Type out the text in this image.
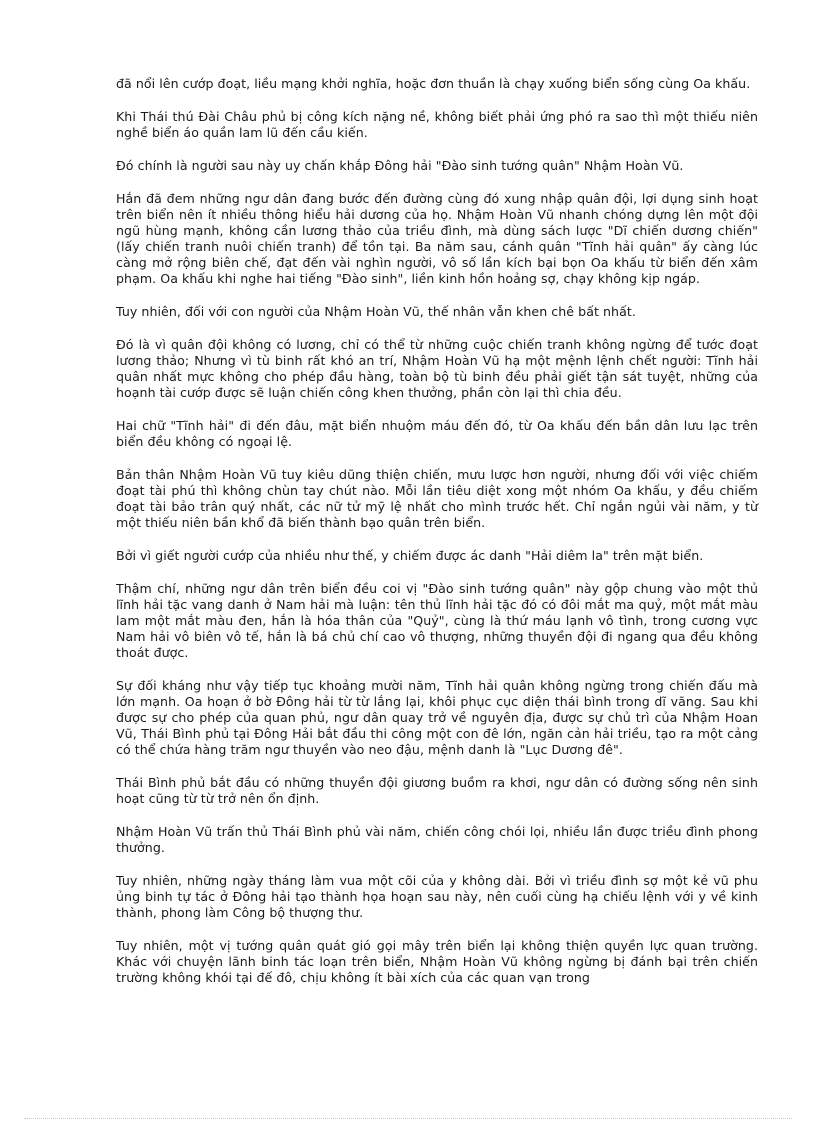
đã nổi lên cướp đoạt, liều mạng khởi nghĩa, hoặc đơn thuần là chạy xuống biển sống cùng Oa khấu.

Khi Thái thú Đài Châu phủ bị công kích nặng nề, không biết phải ứng phó ra sao thì một thiếu niên nghề biển áo quần lam lũ đến cầu kiến.

Đó chính là người sau này uy chấn khắp Đông hải "Đào sinh tướng quân" Nhậm Hoàn Vũ.

Hắn đã đem những ngư dân đang bước đến đường cùng đó xung nhập quân đội, lợi dụng sinh hoạt trên biển nên ít nhiều thông hiểu hải dương của họ. Nhậm Hoàn Vũ nhanh chóng dựng lên một đội ngũ hùng mạnh, không cần lương thảo của triều đình, mà dùng sách lược "Dĩ chiến dương chiến" (lấy chiến tranh nuôi chiến tranh) để tồn tại. Ba năm sau, cánh quân "Tĩnh hải quân" ấy càng lúc càng mở rộng biên chế, đạt đến vài nghìn người, vô số lần kích bại bọn Oa khấu từ biển đến xâm phạm. Oa khấu khi nghe hai tiếng "Đào sinh", liền kinh hồn hoảng sợ, chạy không kịp ngáp.

Tuy nhiên, đối với con người của Nhậm Hoàn Vũ, thế nhân vẫn khen chê bất nhất.

Đó là vì quân đội không có lương, chỉ có thể từ những cuộc chiến tranh không ngừng để tước đoạt lương thảo; Nhưng vì tù binh rất khó an trí, Nhậm Hoàn Vũ hạ một mệnh lệnh chết người: Tĩnh hải quân nhất mực không cho phép đầu hàng, toàn bộ tù binh đều phải giết tận sát tuyệt, những của hoạnh tài cướp được sẽ luận chiến công khen thưởng, phần còn lại thì chia đều.

Hai chữ "Tĩnh hải" đi đến đâu, mặt biển nhuộm máu đến đó, từ Oa khấu đến bần dân lưu lạc trên biển đều không có ngoại lệ.

Bản thân Nhậm Hoàn Vũ tuy kiêu dũng thiện chiến, mưu lược hơn người, nhưng đối với việc chiếm đoạt tài phú thì không chùn tay chút nào. Mỗi lần tiêu diệt xong một nhóm Oa khấu, y đều chiếm đoạt tài bảo trân quý nhất, các nữ tử mỹ lệ nhất cho mình trước hết. Chỉ ngắn ngủi vài năm, y từ một thiếu niên bần khổ đã biến thành bạo quân trên biển.

Bởi vì giết người cướp của nhiều như thế, y chiếm được ác danh "Hải diêm la" trên mặt biển.

Thậm chí, những ngư dân trên biển đều coi vị "Đào sinh tướng quân" này gộp chung vào một thủ lĩnh hải tặc vang danh ở Nam hải mà luận: tên thủ lĩnh hải tặc đó có đôi mắt ma quỷ, một mắt màu lam một mắt màu đen, hắn là hóa thân của "Quỷ", cùng là thứ máu lạnh vô tình, trong cương vực Nam hải vô biên vô tế, hắn là bá chủ chí cao vô thượng, những thuyền đội đi ngang qua đều không thoát được.

Sự đối kháng như vậy tiếp tục khoảng mười năm, Tĩnh hải quân không ngừng trong chiến đấu mà lớn mạnh. Oa hoạn ở bờ Đông hải từ từ lắng lại, khôi phục cục diện thái bình trong dĩ vãng. Sau khi được sự cho phép của quan phủ, ngư dân quay trở về nguyên địa, được sự chủ trì của Nhậm Hoan Vũ, Thái Bình phủ tại Đông Hải bắt đầu thi công một con đê lớn, ngăn cản hải triều, tạo ra một cảng có thể chứa hàng trăm ngư thuyền vào neo đậu, mệnh danh là "Lục Dương đê".

Thái Bình phủ bắt đầu có những thuyền đội giương buồm ra khơi, ngư dân có đường sống nên sinh hoạt cũng từ từ trở nên ổn định.

Nhậm Hoàn Vũ trấn thủ Thái Bình phủ vài năm, chiến công chói lọi, nhiều lần được triều đình phong thưởng.

Tuy nhiên, những ngày tháng làm vua một cõi của y không dài. Bởi vì triều đình sợ một kẻ vũ phu ủng binh tự tác ở Đông hải tạo thành họa hoạn sau này, nên cuối cùng hạ chiếu lệnh với y về kinh thành, phong làm Công bộ thượng thư.

Tuy nhiên, một vị tướng quân quát gió gọi mây trên biển lại không thiện quyền lực quan trường. Khác với chuyện lãnh binh tác loạn trên biển, Nhậm Hoàn Vũ không ngừng bị đánh bại trên chiến trường không khói tại đế đô, chịu không ít bài xích của các quan vạn trong
